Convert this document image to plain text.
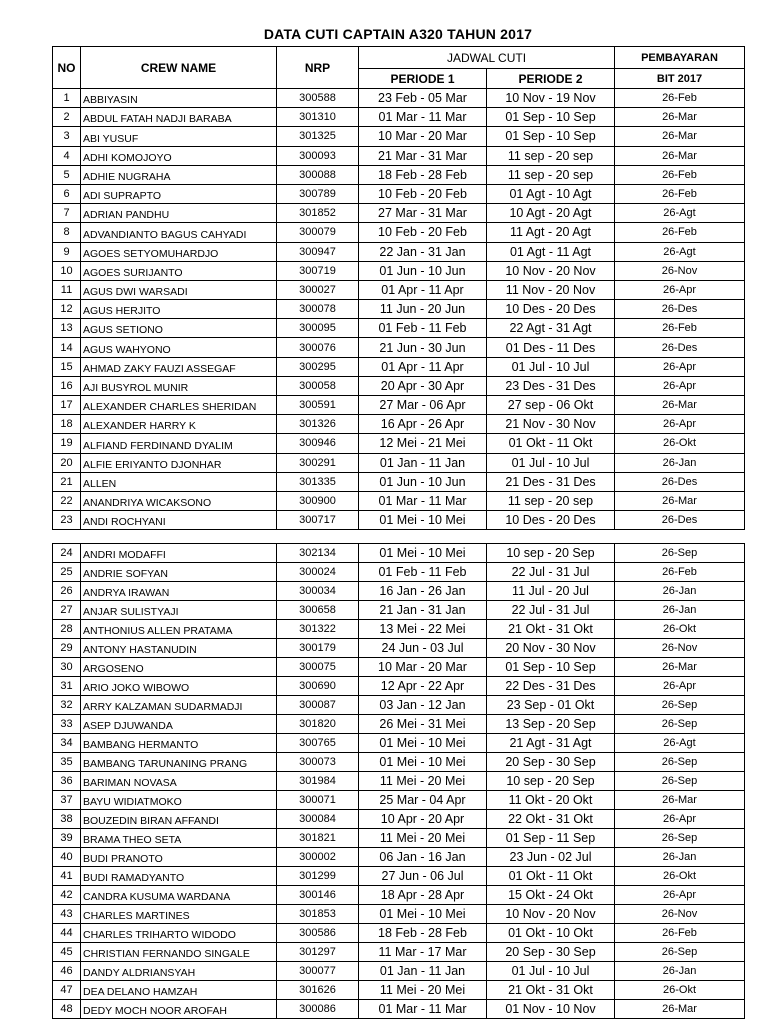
DATA CUTI CAPTAIN A320 TAHUN 2017
NO	CREW NAME	NRP	JADWAL CUTI		PEMBAYARAN
			PERIODE 1	PERIODE 2	BIT 2017
1	ABBIYASIN	300588	23 Feb - 05 Mar	10 Nov - 19 Nov	26-Feb
2	ABDUL FATAH NADJI BARABA	301310	01 Mar - 11 Mar	01 Sep - 10 Sep	26-Mar
3	ABI YUSUF	301325	10 Mar - 20 Mar	01 Sep - 10 Sep	26-Mar
4	ADHI KOMOJOYO	300093	21 Mar - 31 Mar	11 sep - 20 sep	26-Mar
5	ADHIE NUGRAHA	300088	18 Feb - 28 Feb	11 sep - 20 sep	26-Feb
6	ADI SUPRAPTO	300789	10 Feb - 20 Feb	01 Agt - 10 Agt	26-Feb
7	ADRIAN PANDHU	301852	27 Mar - 31 Mar	10 Agt - 20 Agt	26-Agt
8	ADVANDIANTO BAGUS CAHYADI	300079	10 Feb - 20 Feb	11 Agt - 20 Agt	26-Feb
9	AGOES SETYOMUHARDJO	300947	22 Jan - 31 Jan	01 Agt - 11 Agt	26-Agt
10	AGOES SURIJANTO	300719	01 Jun - 10 Jun	10 Nov - 20 Nov	26-Nov
11	AGUS DWI WARSADI	300027	01 Apr - 11 Apr	11 Nov - 20 Nov	26-Apr
12	AGUS HERJITO	300078	11 Jun - 20 Jun	10 Des - 20 Des	26-Des
13	AGUS SETIONO	300095	01 Feb - 11 Feb	22 Agt - 31 Agt	26-Feb
14	AGUS WAHYONO	300076	21 Jun - 30 Jun	01 Des - 11 Des	26-Des
15	AHMAD ZAKY FAUZI ASSEGAF	300295	01 Apr - 11 Apr	01 Jul - 10 Jul	26-Apr
16	AJI BUSYROL MUNIR	300058	20 Apr - 30 Apr	23 Des - 31 Des	26-Apr
17	ALEXANDER CHARLES SHERIDAN	300591	27 Mar - 06 Apr	27 sep - 06 Okt	26-Mar
18	ALEXANDER HARRY K	301326	16 Apr - 26 Apr	21 Nov - 30 Nov	26-Apr
19	ALFIAND FERDINAND DYALIM	300946	12 Mei - 21 Mei	01 Okt - 11 Okt	26-Okt
20	ALFIE ERIYANTO DJONHAR	300291	01 Jan - 11 Jan	01 Jul - 10 Jul	26-Jan
21	ALLEN	301335	01 Jun - 10 Jun	21 Des - 31 Des	26-Des
22	ANANDRIYA WICAKSONO	300900	01 Mar - 11 Mar	11 sep - 20 sep	26-Mar
23	ANDI ROCHYANI	300717	01 Mei - 10 Mei	10 Des - 20 Des	26-Des

24	ANDRI MODAFFI	302134	01 Mei - 10 Mei	10 sep - 20 Sep	26-Sep
25	ANDRIE SOFYAN	300024	01 Feb - 11 Feb	22 Jul - 31 Jul	26-Feb
26	ANDRYA IRAWAN	300034	16 Jan - 26 Jan	11 Jul - 20 Jul	26-Jan
27	ANJAR SULISTYAJI	300658	21 Jan - 31 Jan	22 Jul - 31 Jul	26-Jan
28	ANTHONIUS ALLEN PRATAMA	301322	13 Mei - 22 Mei	21 Okt - 31 Okt	26-Okt
29	ANTONY HASTANUDIN	300179	24 Jun - 03 Jul	20 Nov - 30 Nov	26-Nov
30	ARGOSENO	300075	10 Mar - 20 Mar	01 Sep - 10 Sep	26-Mar
31	ARIO JOKO WIBOWO	300690	12 Apr - 22 Apr	22 Des - 31 Des	26-Apr
32	ARRY KALZAMAN SUDARMADJI	300087	03 Jan - 12 Jan	23 Sep - 01 Okt	26-Sep
33	ASEP DJUWANDA	301820	26 Mei - 31 Mei	13 Sep - 20 Sep	26-Sep
34	BAMBANG HERMANTO	300765	01 Mei - 10 Mei	21 Agt - 31 Agt	26-Agt
35	BAMBANG TARUNANING PRANG	300073	01 Mei - 10 Mei	20 Sep - 30 Sep	26-Sep
36	BARIMAN NOVASA	301984	11 Mei - 20 Mei	10 sep - 20 Sep	26-Sep
37	BAYU WIDIATMOKO	300071	25 Mar - 04 Apr	11 Okt - 20 Okt	26-Mar
38	BOUZEDIN BIRAN AFFANDI	300084	10 Apr - 20 Apr	22 Okt - 31 Okt	26-Apr
39	BRAMA THEO SETA	301821	11 Mei - 20 Mei	01 Sep - 11 Sep	26-Sep
40	BUDI PRANOTO	300002	06 Jan - 16 Jan	23 Jun - 02 Jul	26-Jan
41	BUDI RAMADYANTO	301299	27 Jun - 06 Jul	01 Okt - 11 Okt	26-Okt
42	CANDRA KUSUMA WARDANA	300146	18 Apr - 28 Apr	15 Okt - 24 Okt	26-Apr
43	CHARLES MARTINES	301853	01 Mei - 10 Mei	10 Nov - 20 Nov	26-Nov
44	CHARLES TRIHARTO WIDODO	300586	18 Feb - 28 Feb	01 Okt - 10 Okt	26-Feb
45	CHRISTIAN FERNANDO SINGALE	301297	11 Mar - 17 Mar	20 Sep - 30 Sep	26-Sep
46	DANDY ALDRIANSYAH	300077	01 Jan - 11 Jan	01 Jul - 10 Jul	26-Jan
47	DEA DELANO HAMZAH	301626	11 Mei - 20 Mei	21 Okt - 31 Okt	26-Okt
48	DEDY MOCH NOOR AROFAH	300086	01 Mar - 11 Mar	01 Nov - 10 Nov	26-Mar
